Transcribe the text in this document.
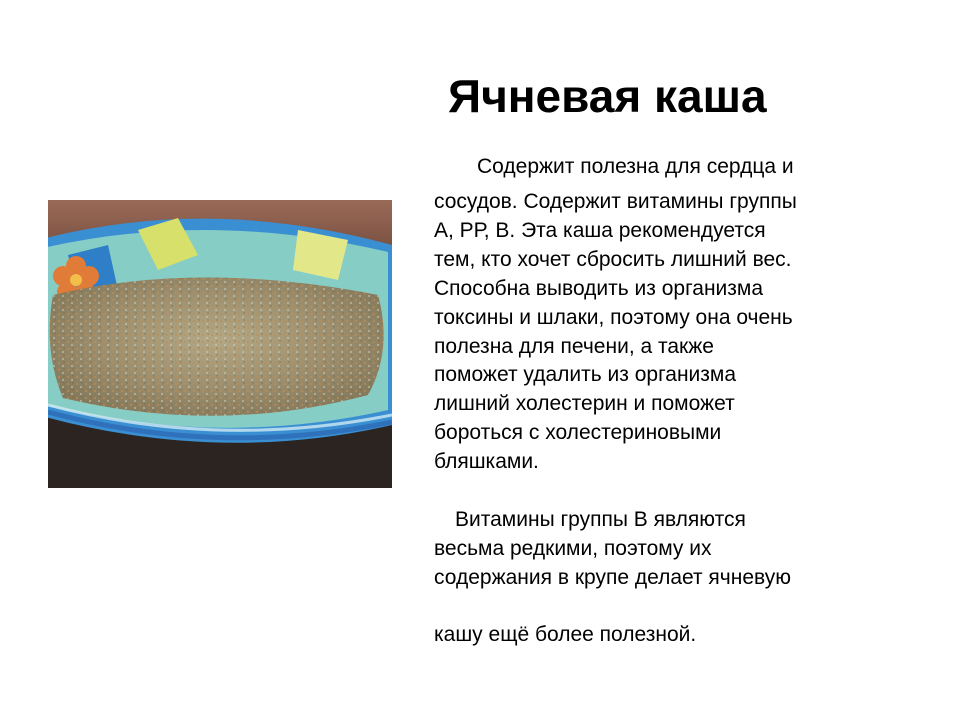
Ячневая каша
Содержит полезна для сердца и
сосудов. Содержит витамины группы
А, РР, В. Эта каша рекомендуется
тем, кто хочет сбросить лишний вес.
Способна выводить из организма
токсины и шлаки, поэтому она очень
полезна для печени, а также
поможет удалить из организма
лишний холестерин и поможет
бороться с холестериновыми
бляшками.
Витамины группы В являются
весьма редкими, поэтому их
содержания в крупе делает ячневую
кашу ещё более полезной.
